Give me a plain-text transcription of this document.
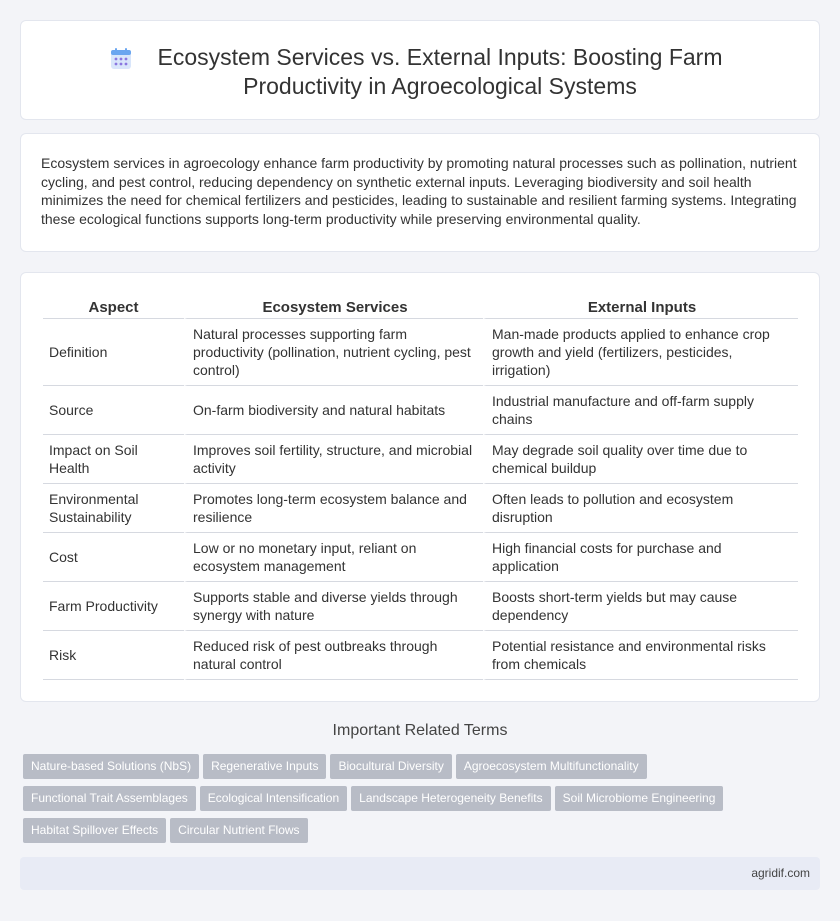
Ecosystem Services vs. External Inputs: Boosting Farm Productivity in Agroecological Systems

Ecosystem services in agroecology enhance farm productivity by promoting natural processes such as pollination, nutrient cycling, and pest control, reducing dependency on synthetic external inputs. Leveraging biodiversity and soil health minimizes the need for chemical fertilizers and pesticides, leading to sustainable and resilient farming systems. Integrating these ecological functions supports long-term productivity while preserving environmental quality.

Aspect	Ecosystem Services	External Inputs
Definition	Natural processes supporting farm productivity (pollination, nutrient cycling, pest control)	Man-made products applied to enhance crop growth and yield (fertilizers, pesticides, irrigation)
Source	On-farm biodiversity and natural habitats	Industrial manufacture and off-farm supply chains
Impact on Soil Health	Improves soil fertility, structure, and microbial activity	May degrade soil quality over time due to chemical buildup
Environmental Sustainability	Promotes long-term ecosystem balance and resilience	Often leads to pollution and ecosystem disruption
Cost	Low or no monetary input, reliant on ecosystem management	High financial costs for purchase and application
Farm Productivity	Supports stable and diverse yields through synergy with nature	Boosts short-term yields but may cause dependency
Risk	Reduced risk of pest outbreaks through natural control	Potential resistance and environmental risks from chemicals
Important Related Terms
Nature-based Solutions (NbS) Regenerative Inputs Biocultural Diversity Agroecosystem Multifunctionality
Functional Trait Assemblages Ecological Intensification Landscape Heterogeneity Benefits Soil Microbiome Engineering
Habitat Spillover Effects Circular Nutrient Flows
agridif.com
